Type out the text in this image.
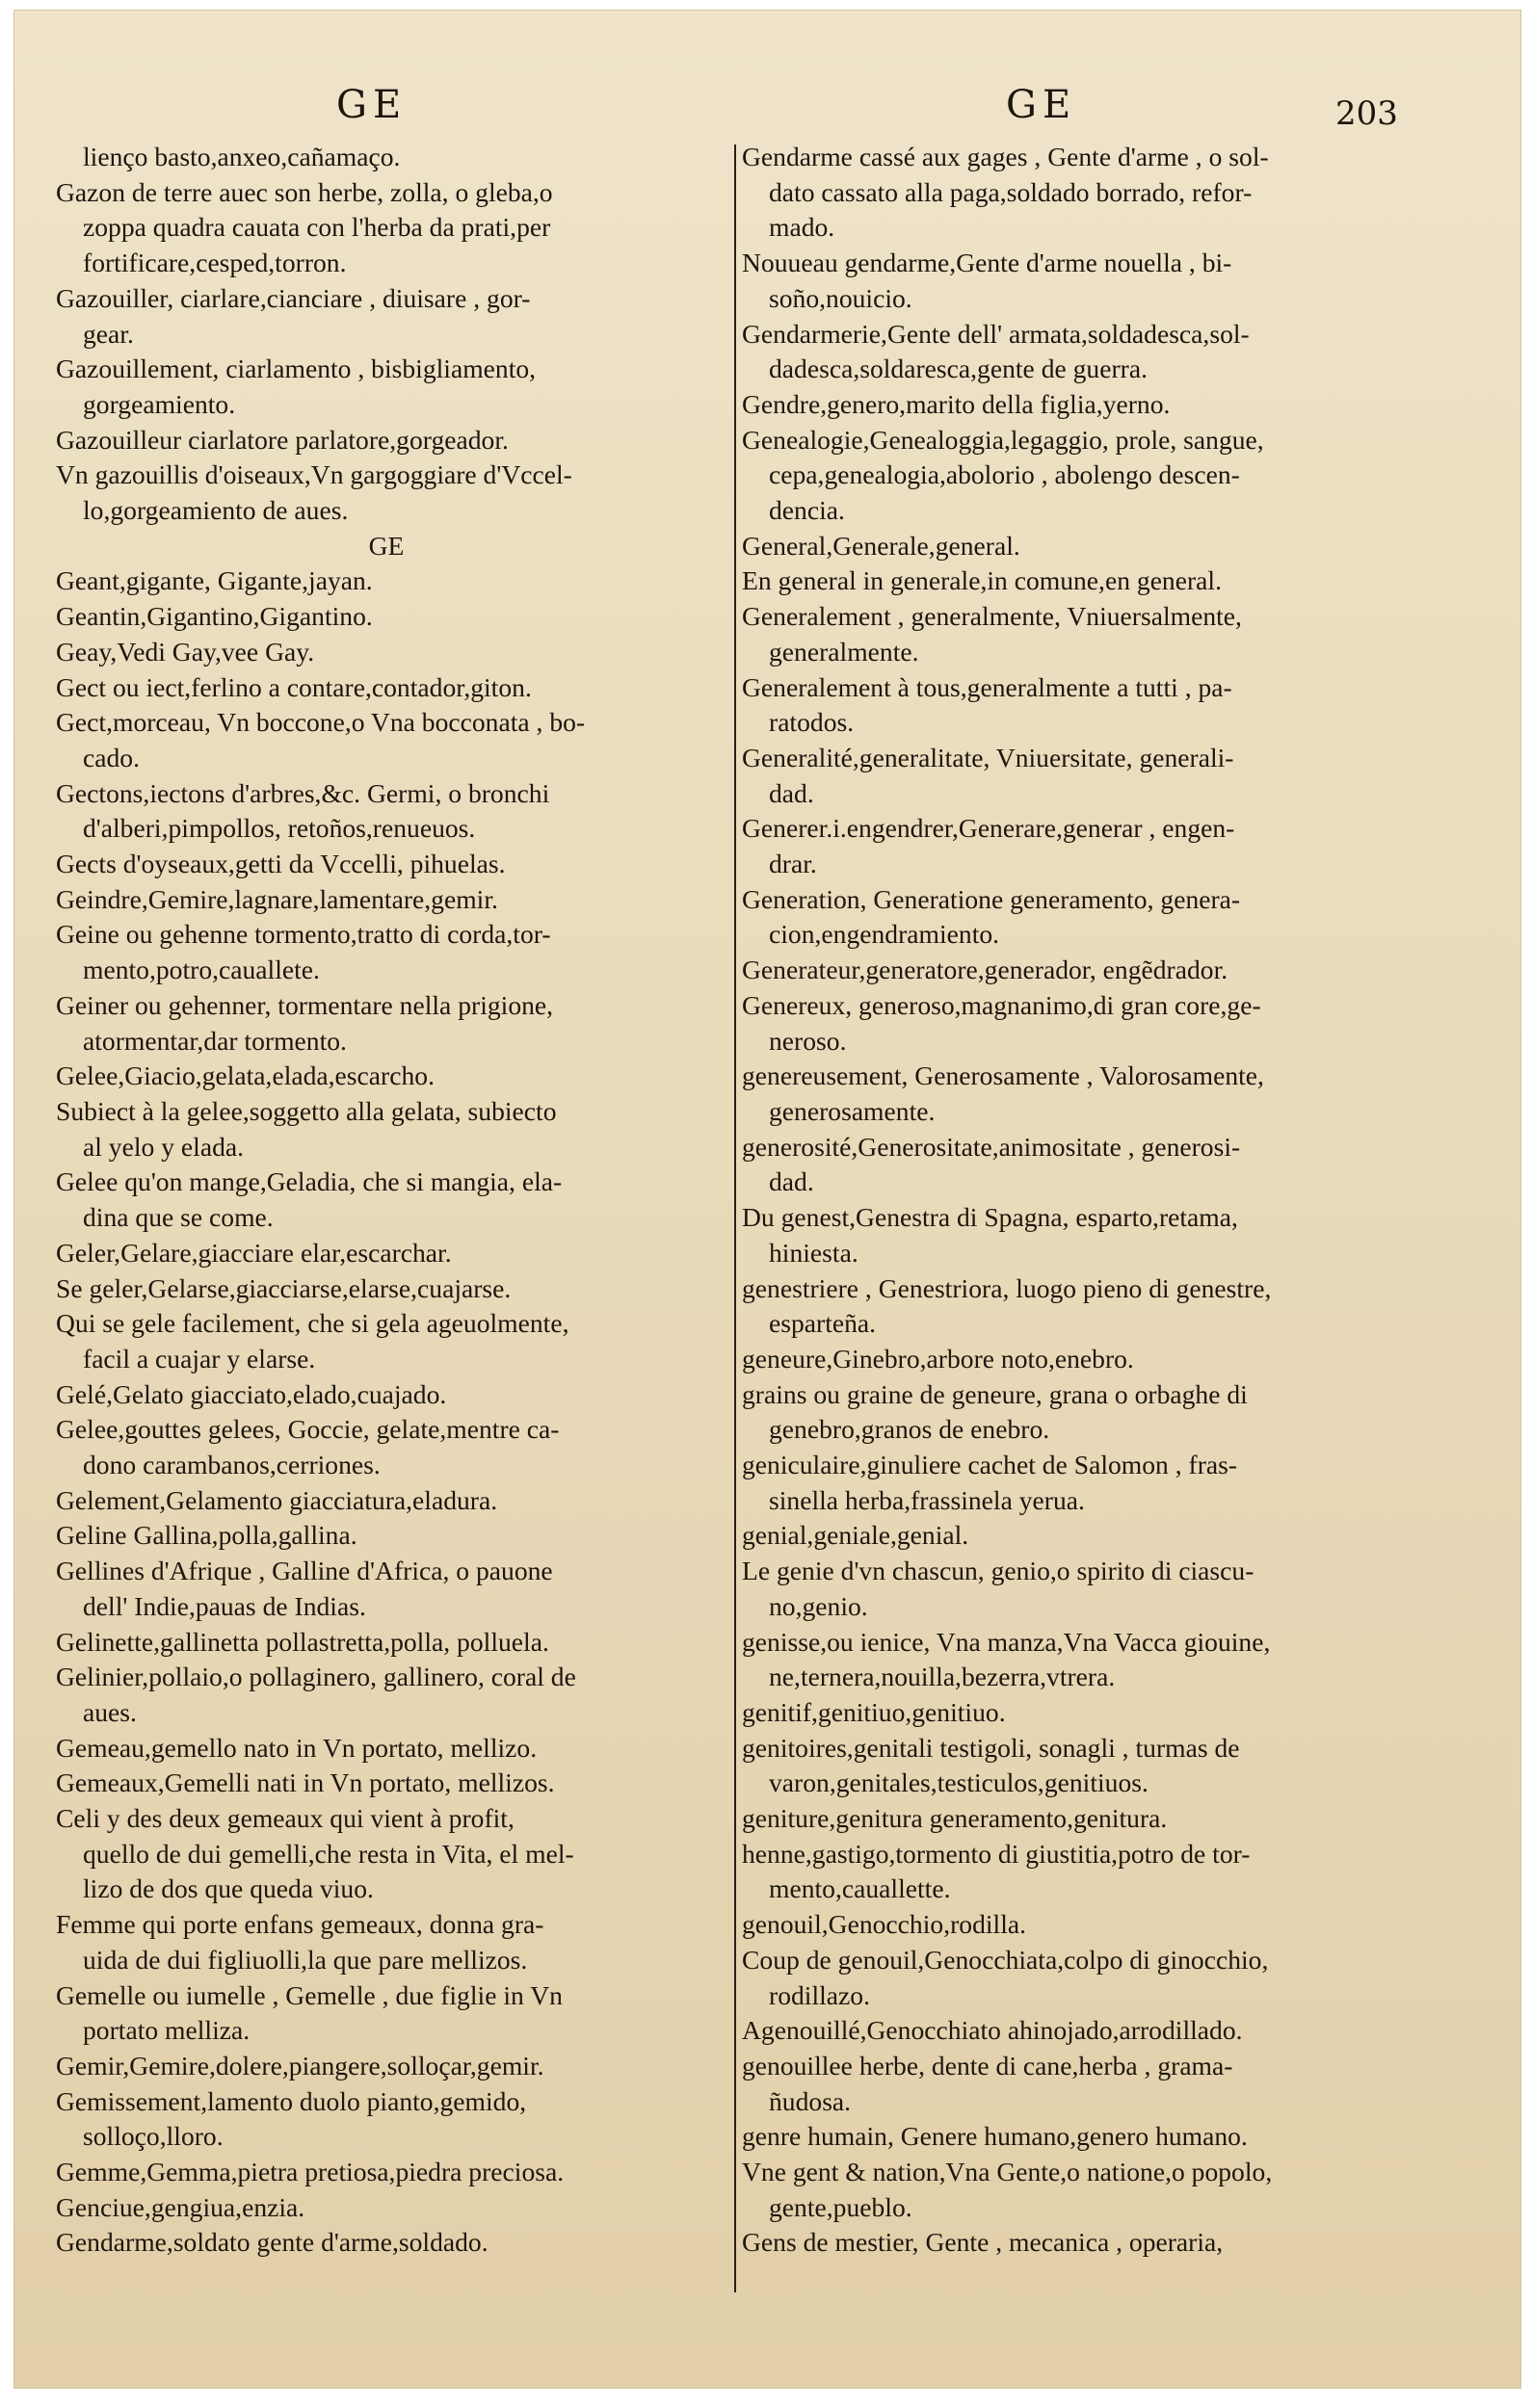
GE	GE	203
lienço basto,anxeo,cañamaço.
Gazon de terre auec son herbe, zolla, o gleba,o
zoppa quadra cauata con l'herba da prati,per
fortificare,cesped,torron.
Gazouiller, ciarlare,cianciare , diuisare , gor-
gear.
Gazouillement, ciarlamento , bisbigliamento,
gorgeamiento.
Gazouilleur ciarlatore parlatore,gorgeador.
Vn gazouillis d'oiseaux,Vn gargoggiare d'Vccel-
lo,gorgeamiento de aues.
GE
Geant,gigante, Gigante,jayan.
Geantin,Gigantino,Gigantino.
Geay,Vedi Gay,vee Gay.
Gect ou iect,ferlino a contare,contador,giton.
Gect,morceau, Vn boccone,o Vna bocconata , bo-
cado.
Gectons,iectons d'arbres,&c. Germi, o bronchi
d'alberi,pimpollos, retoños,renueuos.
Gects d'oyseaux,getti da Vccelli, pihuelas.
Geindre,Gemire,lagnare,lamentare,gemir.
Geine ou gehenne tormento,tratto di corda,tor-
mento,potro,cauallete.
Geiner ou gehenner, tormentare nella prigione,
atormentar,dar tormento.
Gelee,Giacio,gelata,elada,escarcho.
Subiect à la gelee,soggetto alla gelata, subiecto
al yelo y elada.
Gelee qu'on mange,Geladia, che si mangia, ela-
dina que se come.
Geler,Gelare,giacciare elar,escarchar.
Se geler,Gelarse,giacciarse,elarse,cuajarse.
Qui se gele facilement, che si gela ageuolmente,
facil a cuajar y elarse.
Gelé,Gelato giacciato,elado,cuajado.
Gelee,gouttes gelees, Goccie, gelate,mentre ca-
dono carambanos,cerriones.
Gelement,Gelamento giacciatura,eladura.
Geline Gallina,polla,gallina.
Gellines d'Afrique , Galline d'Africa, o pauone
dell' Indie,pauas de Indias.
Gelinette,gallinetta pollastretta,polla, polluela.
Gelinier,pollaio,o pollaginero, gallinero, coral de
aues.
Gemeau,gemello nato in Vn portato, mellizo.
Gemeaux,Gemelli nati in Vn portato, mellizos.
Celi y des deux gemeaux qui vient à profit,
quello de dui gemelli,che resta in Vita, el mel-
lizo de dos que queda viuo.
Femme qui porte enfans gemeaux, donna gra-
uida de dui figliuolli,la que pare mellizos.
Gemelle ou iumelle , Gemelle , due figlie in Vn
portato melliza.
Gemir,Gemire,dolere,piangere,solloçar,gemir.
Gemissement,lamento duolo pianto,gemido,
solloço,lloro.
Gemme,Gemma,pietra pretiosa,piedra preciosa.
Genciue,gengiua,enzia.
Gendarme,soldato gente d'arme,soldado.
Gendarme cassé aux gages , Gente d'arme , o sol-
dato cassato alla paga,soldado borrado, refor-
mado.
Nouueau gendarme,Gente d'arme nouella , bi-
soño,nouicio.
Gendarmerie,Gente dell' armata,soldadesca,sol-
dadesca,soldaresca,gente de guerra.
Gendre,genero,marito della figlia,yerno.
Genealogie,Genealoggia,legaggio, prole, sangue,
cepa,genealogia,abolorio , abolengo descen-
dencia.
General,Generale,general.
En general in generale,in comune,en general.
Generalement , generalmente, Vniuersalmente,
generalmente.
Generalement à tous,generalmente a tutti , pa-
ratodos.
Generalité,generalitate, Vniuersitate, generali-
dad.
Generer.i.engendrer,Generare,generar , engen-
drar.
Generation, Generatione generamento, genera-
cion,engendramiento.
Generateur,generatore,generador, engẽdrador.
Genereux, generoso,magnanimo,di gran core,ge-
neroso.
genereusement, Generosamente , Valorosamente,
generosamente.
generosité,Generositate,animositate , generosi-
dad.
Du genest,Genestra di Spagna, esparto,retama,
hiniesta.
genestriere , Genestriora, luogo pieno di genestre,
esparteña.
geneure,Ginebro,arbore noto,enebro.
grains ou graine de geneure, grana o orbaghe di
genebro,granos de enebro.
geniculaire,ginuliere cachet de Salomon , fras-
sinella herba,frassinela yerua.
genial,geniale,genial.
Le genie d'vn chascun, genio,o spirito di ciascu-
no,genio.
genisse,ou ienice, Vna manza,Vna Vacca giouine,
ne,ternera,nouilla,bezerra,vtrera.
genitif,genitiuo,genitiuo.
genitoires,genitali testigoli, sonagli , turmas de
varon,genitales,testiculos,genitiuos.
geniture,genitura generamento,genitura.
henne,gastigo,tormento di giustitia,potro de tor-
mento,cauallette.
genouil,Genocchio,rodilla.
Coup de genouil,Genocchiata,colpo di ginocchio,
rodillazo.
Agenouillé,Genocchiato ahinojado,arrodillado.
genouillee herbe, dente di cane,herba , grama-
ñudosa.
genre humain, Genere humano,genero humano.
Vne gent & nation,Vna Gente,o natione,o popolo,
gente,pueblo.
Gens de mestier, Gente , mecanica , operaria,
